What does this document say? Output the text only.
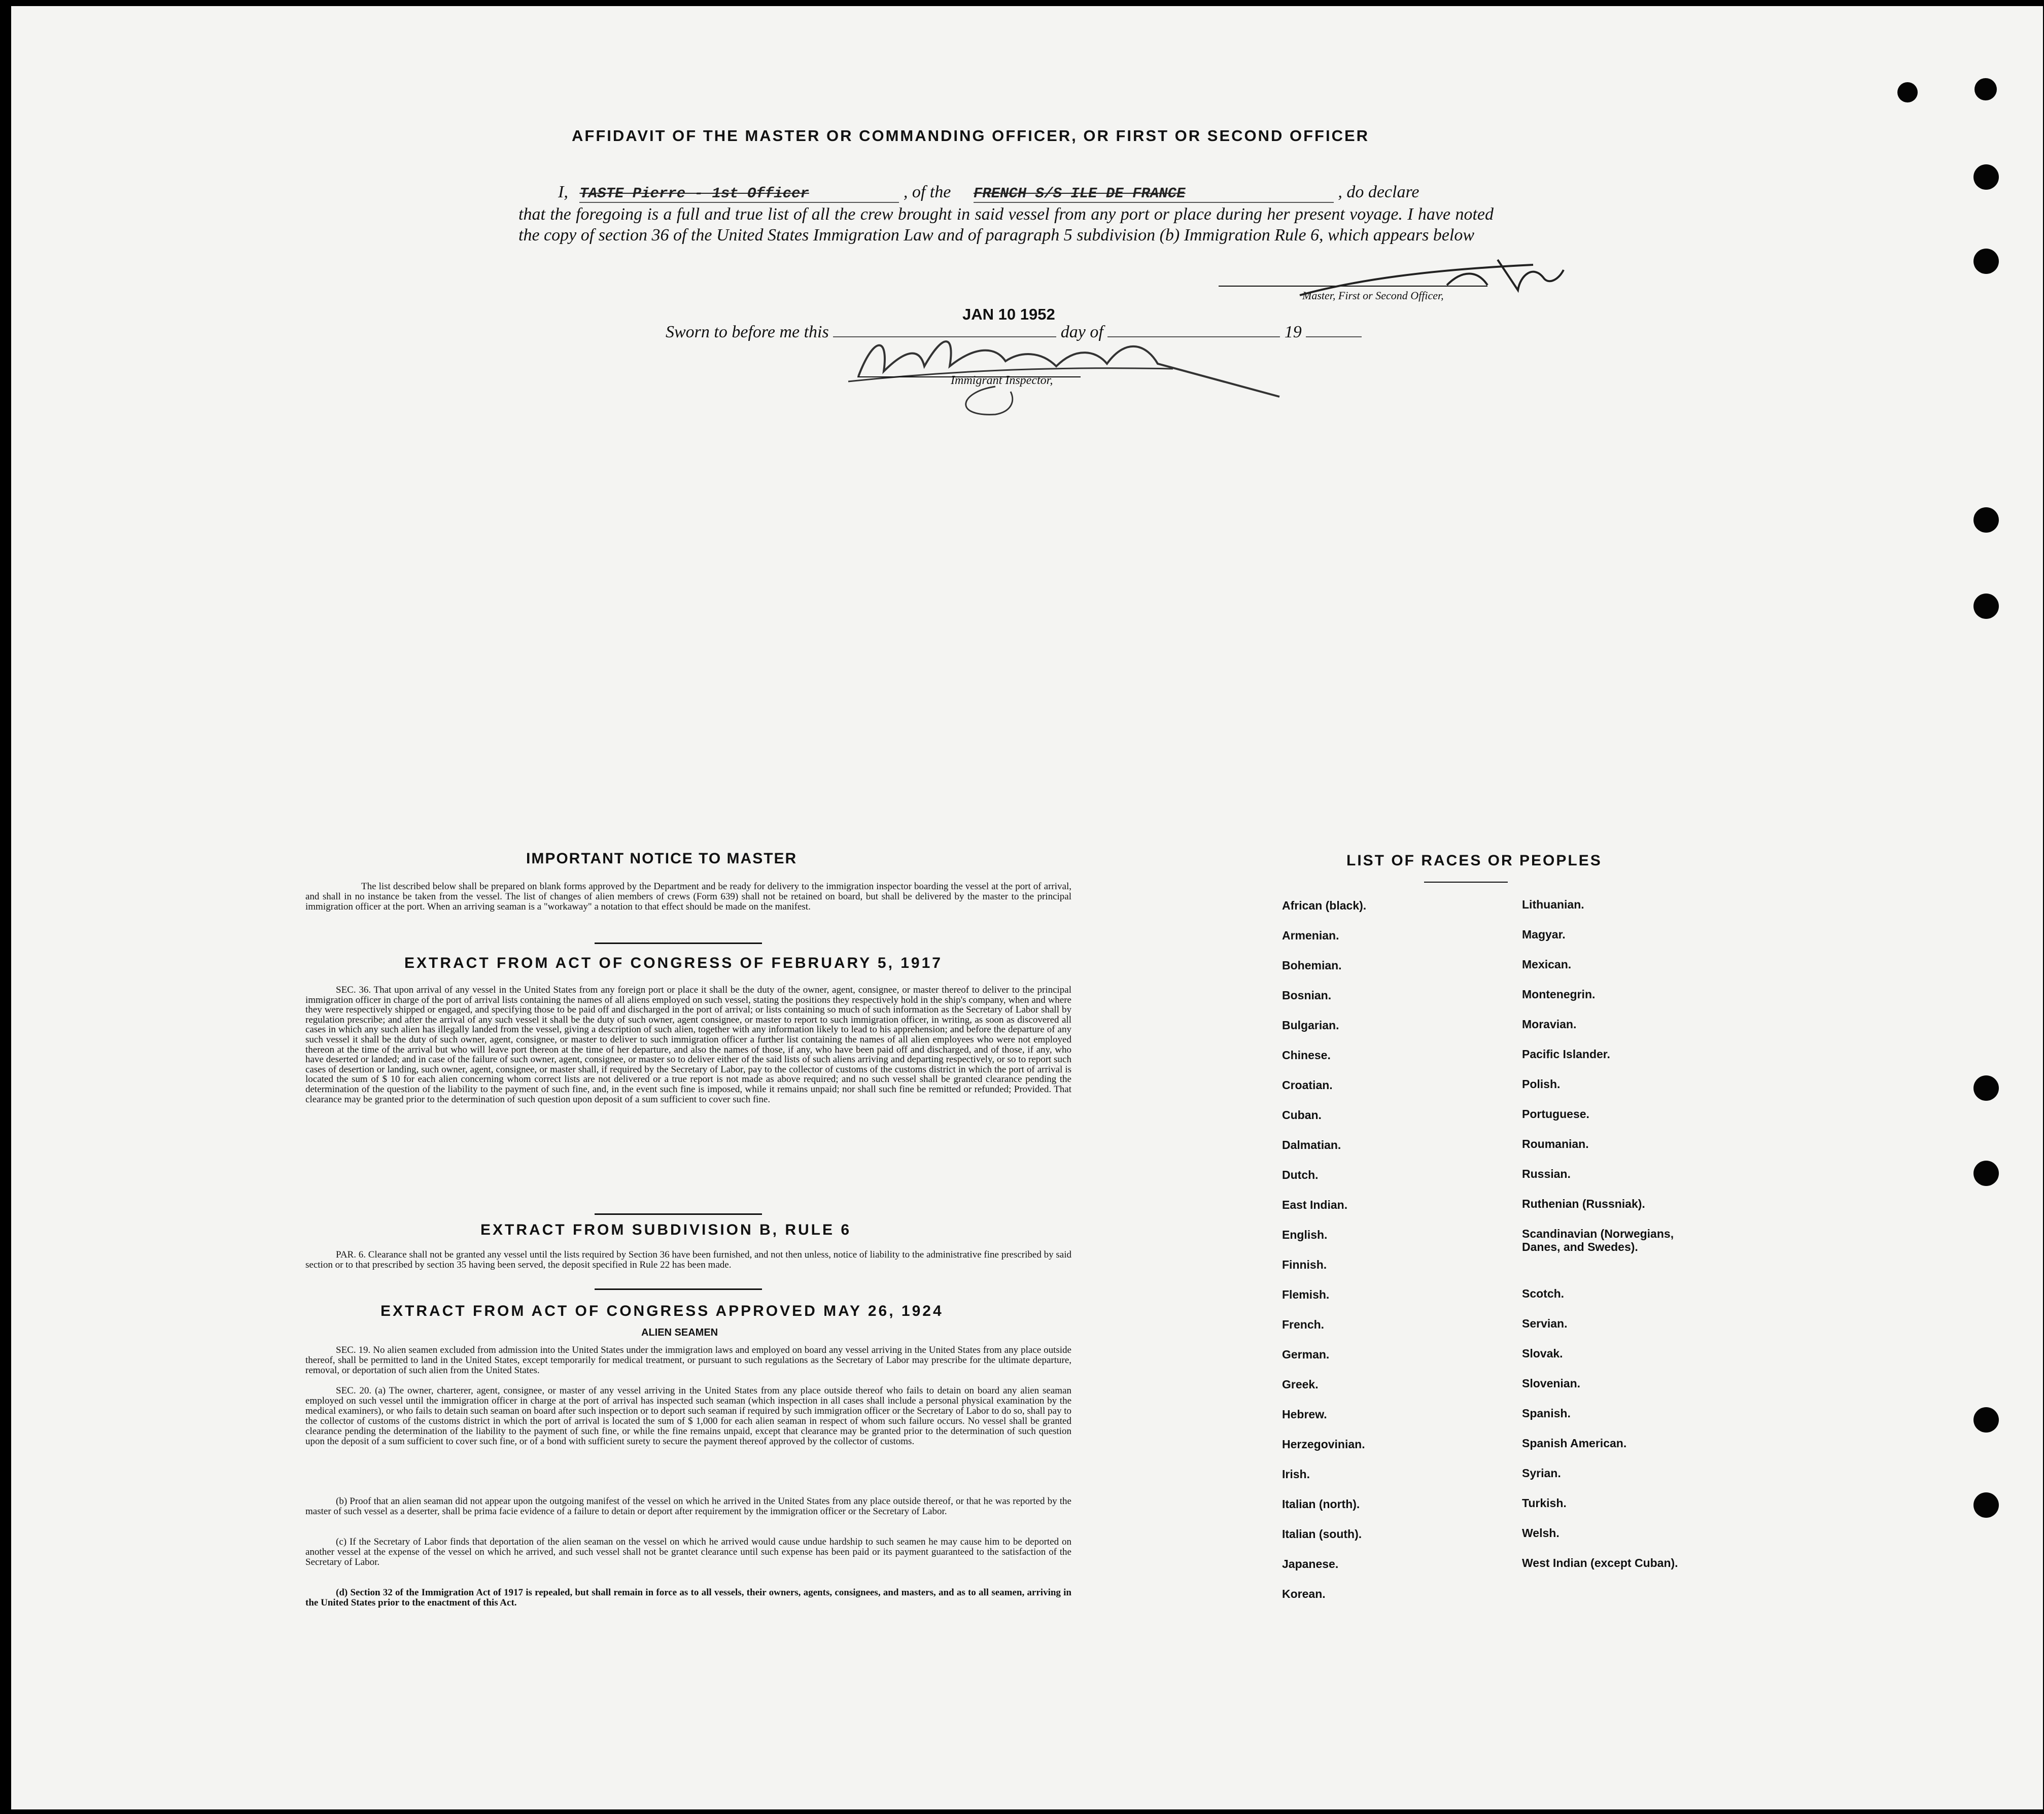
AFFIDAVIT OF THE MASTER OR COMMANDING OFFICER, OR FIRST OR SECOND OFFICER
I, TASTE Pierre - 1st Officer	, of the FRENCH S/S ILE DE FRANCE	, do declare
that the foregoing is a full and true list of all the crew brought in said vessel from any port or place during her present voyage. I have noted the copy of section 36 of the United States Immigration Law and of paragraph 5 subdivision (b) Immigration Rule 6, which appears below
Master, First or Second Officer,
Sworn to before me this	day of	19
JAN 10 1952
Immigrant Inspector,
IMPORTANT NOTICE TO MASTER
The list described below shall be prepared on blank forms approved by the Department and be ready for delivery to the immigration inspector boarding the vessel at the port of arrival, and shall in no instance be taken from the vessel. The list of changes of alien members of crews (Form 639) shall not be retained on board, but shall be delivered by the master to the principal immigration officer at the port. When an arriving seaman is a "workaway" a notation to that effect should be made on the manifest.
EXTRACT FROM ACT OF CONGRESS OF FEBRUARY 5, 1917
SEC. 36. That upon arrival of any vessel in the United States from any foreign port or place it shall be the duty of the owner, agent, consignee, or master thereof to deliver to the principal immigration officer in charge of the port of arrival lists containing the names of all aliens employed on such vessel, stating the positions they respectively hold in the ship's company, when and where they were respectively shipped or engaged, and specifying those to be paid off and discharged in the port of arrival; or lists containing so much of such information as the Secretary of Labor shall by regulation prescribe; and after the arrival of any such vessel it shall be the duty of such owner, agent consignee, or master to report to such immigration officer, in writing, as soon as discovered all cases in which any such alien has illegally landed from the vessel, giving a description of such alien, together with any information likely to lead to his apprehension; and before the departure of any such vessel it shall be the duty of such owner, agent, consignee, or master to deliver to such immigration officer a further list containing the names of all alien employees who were not employed thereon at the time of the arrival but who will leave port thereon at the time of her departure, and also the names of those, if any, who have been paid off and discharged, and of those, if any, who have deserted or landed; and in case of the failure of such owner, agent, consignee, or master so to deliver either of the said lists of such aliens arriving and departing respectively, or so to report such cases of desertion or landing, such owner, agent, consignee, or master shall, if required by the Secretary of Labor, pay to the collector of customs of the customs district in which the port of arrival is located the sum of $ 10 for each alien concerning whom correct lists are not delivered or a true report is not made as above required; and no such vessel shall be granted clearance pending the determination of the question of the liability to the payment of such fine, and, in the event such fine is imposed, while it remains unpaid; nor shall such fine be remitted or refunded; Provided. That clearance may be granted prior to the determination of such question upon deposit of a sum sufficient to cover such fine.
EXTRACT FROM SUBDIVISION B, RULE 6
PAR. 6. Clearance shall not be granted any vessel until the lists required by Section 36 have been furnished, and not then unless, notice of liability to the administrative fine prescribed by said section or to that prescribed by section 35 having been served, the deposit specified in Rule 22 has been made.
EXTRACT FROM ACT OF CONGRESS APPROVED MAY 26, 1924
ALIEN SEAMEN
SEC. 19. No alien seamen excluded from admission into the United States under the immigration laws and employed on board any vessel arriving in the United States from any place outside thereof, shall be permitted to land in the United States, except temporarily for medical treatment, or pursuant to such regulations as the Secretary of Labor may prescribe for the ultimate departure, removal, or deportation of such alien from the United States.
SEC. 20. (a) The owner, charterer, agent, consignee, or master of any vessel arriving in the United States from any place outside thereof who fails to detain on board any alien seaman employed on such vessel until the immigration officer in charge at the port of arrival has inspected such seaman (which inspection in all cases shall include a personal physical examination by the medical examiners), or who fails to detain such seaman on board after such inspection or to deport such seaman if required by such immigration officer or the Secretary of Labor to do so, shall pay to the collector of customs of the customs district in which the port of arrival is located the sum of $ 1,000 for each alien seaman in respect of whom such failure occurs. No vessel shall be granted clearance pending the determination of the liability to the payment of such fine, or while the fine remains unpaid, except that clearance may be granted prior to the determination of such question upon the deposit of a sum sufficient to cover such fine, or of a bond with sufficient surety to secure the payment thereof approved by the collector of customs.
(b) Proof that an alien seaman did not appear upon the outgoing manifest of the vessel on which he arrived in the United States from any place outside thereof, or that he was reported by the master of such vessel as a deserter, shall be prima facie evidence of a failure to detain or deport after requirement by the immigration officer or the Secretary of Labor.
(c) If the Secretary of Labor finds that deportation of the alien seaman on the vessel on which he arrived would cause undue hardship to such seamen he may cause him to be deported on another vessel at the expense of the vessel on which he arrived, and such vessel shall not be grantet clearance until such expense has been paid or its payment guaranteed to the satisfaction of the Secretary of Labor.
(d) Section 32 of the Immigration Act of 1917 is repealed, but shall remain in force as to all vessels, their owners, agents, consignees, and masters, and as to all seamen, arriving in the United States prior to the enactment of this Act.
LIST OF RACES OR PEOPLES
African (black).
Armenian.
Bohemian.
Bosnian.
Bulgarian.
Chinese.
Croatian.
Cuban.
Dalmatian.
Dutch.
East Indian.
English.
Finnish.
Flemish.
French.
German.
Greek.
Hebrew.
Herzegovinian.
Irish.
Italian (north).
Italian (south).
Japanese.
Korean.
Lithuanian.
Magyar.
Mexican.
Montenegrin.
Moravian.
Pacific Islander.
Polish.
Portuguese.
Roumanian.
Russian.
Ruthenian (Russniak).
Scandinavian (Norwegians, Danes, and Swedes).
Scotch.
Servian.
Slovak.
Slovenian.
Spanish.
Spanish American.
Syrian.
Turkish.
Welsh.
West Indian (except Cuban).
